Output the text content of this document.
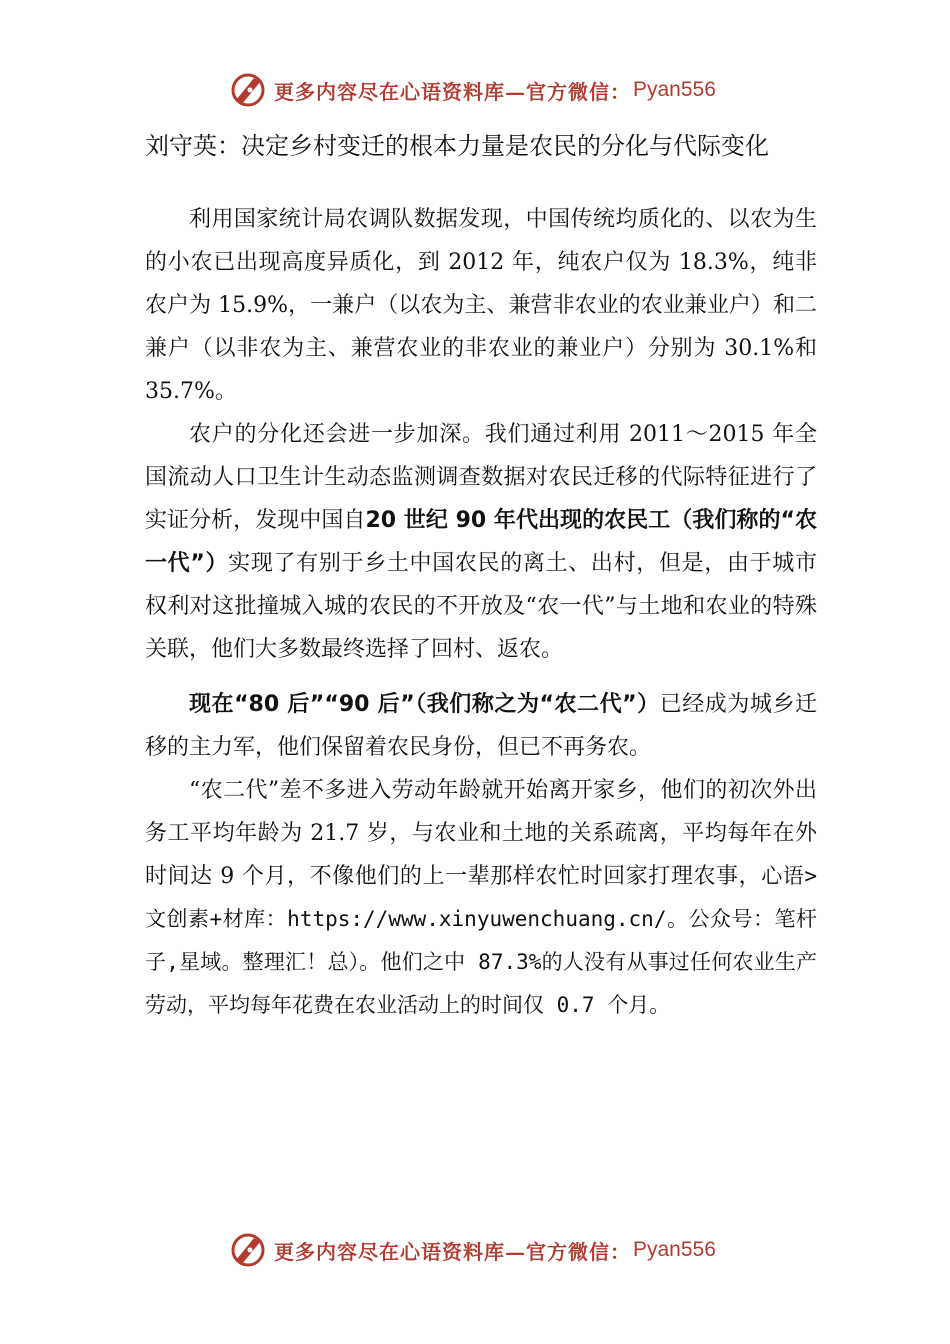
更多内容尽在心语资料库—官方微信： Pyan556
刘守英：决定乡村变迁的根本力量是农民的分化与代际变化

利用国家统计局农调队数据发现，中国传统均质化的、以农为生的小农已出现高度异质化，到 2012 年，纯农户仅为 18.3%，纯非农户为 15.9%，一兼户（以农为主、兼营非农业的农业兼业户）和二兼户（以非农为主、兼营农业的非农业的兼业户）分别为 30.1%和 35.7%。

农户的分化还会进一步加深。我们通过利用 2011～2015 年全国流动人口卫生计生动态监测调查数据对农民迁移的代际特征进行了实证分析，发现中国自20 世纪 90 年代出现的农民工（我们称的“农一代”）实现了有别于乡土中国农民的离土、出村，但是，由于城市权利对这批撞城入城的农民的不开放及“农一代”与土地和农业的特殊关联，他们大多数最终选择了回村、返农。

现在“80 后”“90 后”（我们称之为“农二代”）已经成为城乡迁移的主力军，他们保留着农民身份，但已不再务农。

“农二代”差不多进入劳动年龄就开始离开家乡，他们的初次外出务工平均年龄为 21.7 岁，与农业和土地的关系疏离，平均每年在外时间达 9 个月，不像他们的上一辈那样农忙时回家打理农事，心语>文创素+材库：https://www.xinyuwenchuang.cn/。公众号：笔杆子,星域。整理汇！总）。他们之中 87.3%的人没有从事过任何农业生产劳动，平均每年花费在农业活动上的时间仅 0.7 个月。

更多内容尽在心语资料库—官方微信： Pyan556
